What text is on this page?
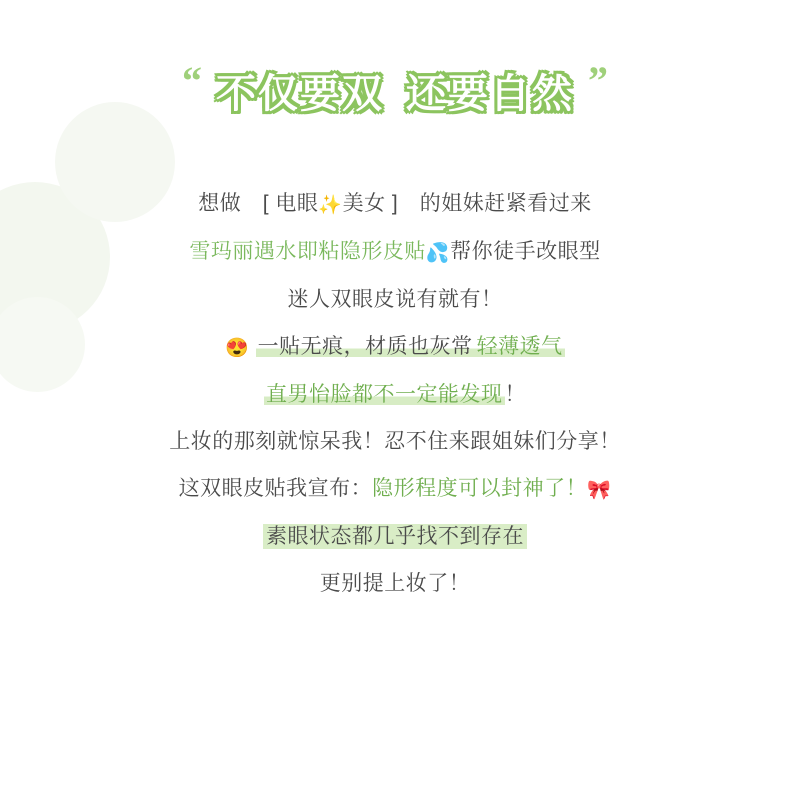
“ 不仅要双 还要自然 ”
想做　[ 电眼✨美女 ]　的姐妹赶紧看过来
雪玛丽遇水即粘隐形皮贴💦帮你徒手改眼型
迷人双眼皮说有就有！
😍 一贴无痕，材质也灰常 轻薄透气
直男怡脸都不一定能发现！
上妆的那刻就惊呆我！忍不住来跟姐妹们分享！
这双眼皮贴我宣布：隐形程度可以封神了！🎀
素眼状态都几乎找不到存在
更别提上妆了！
